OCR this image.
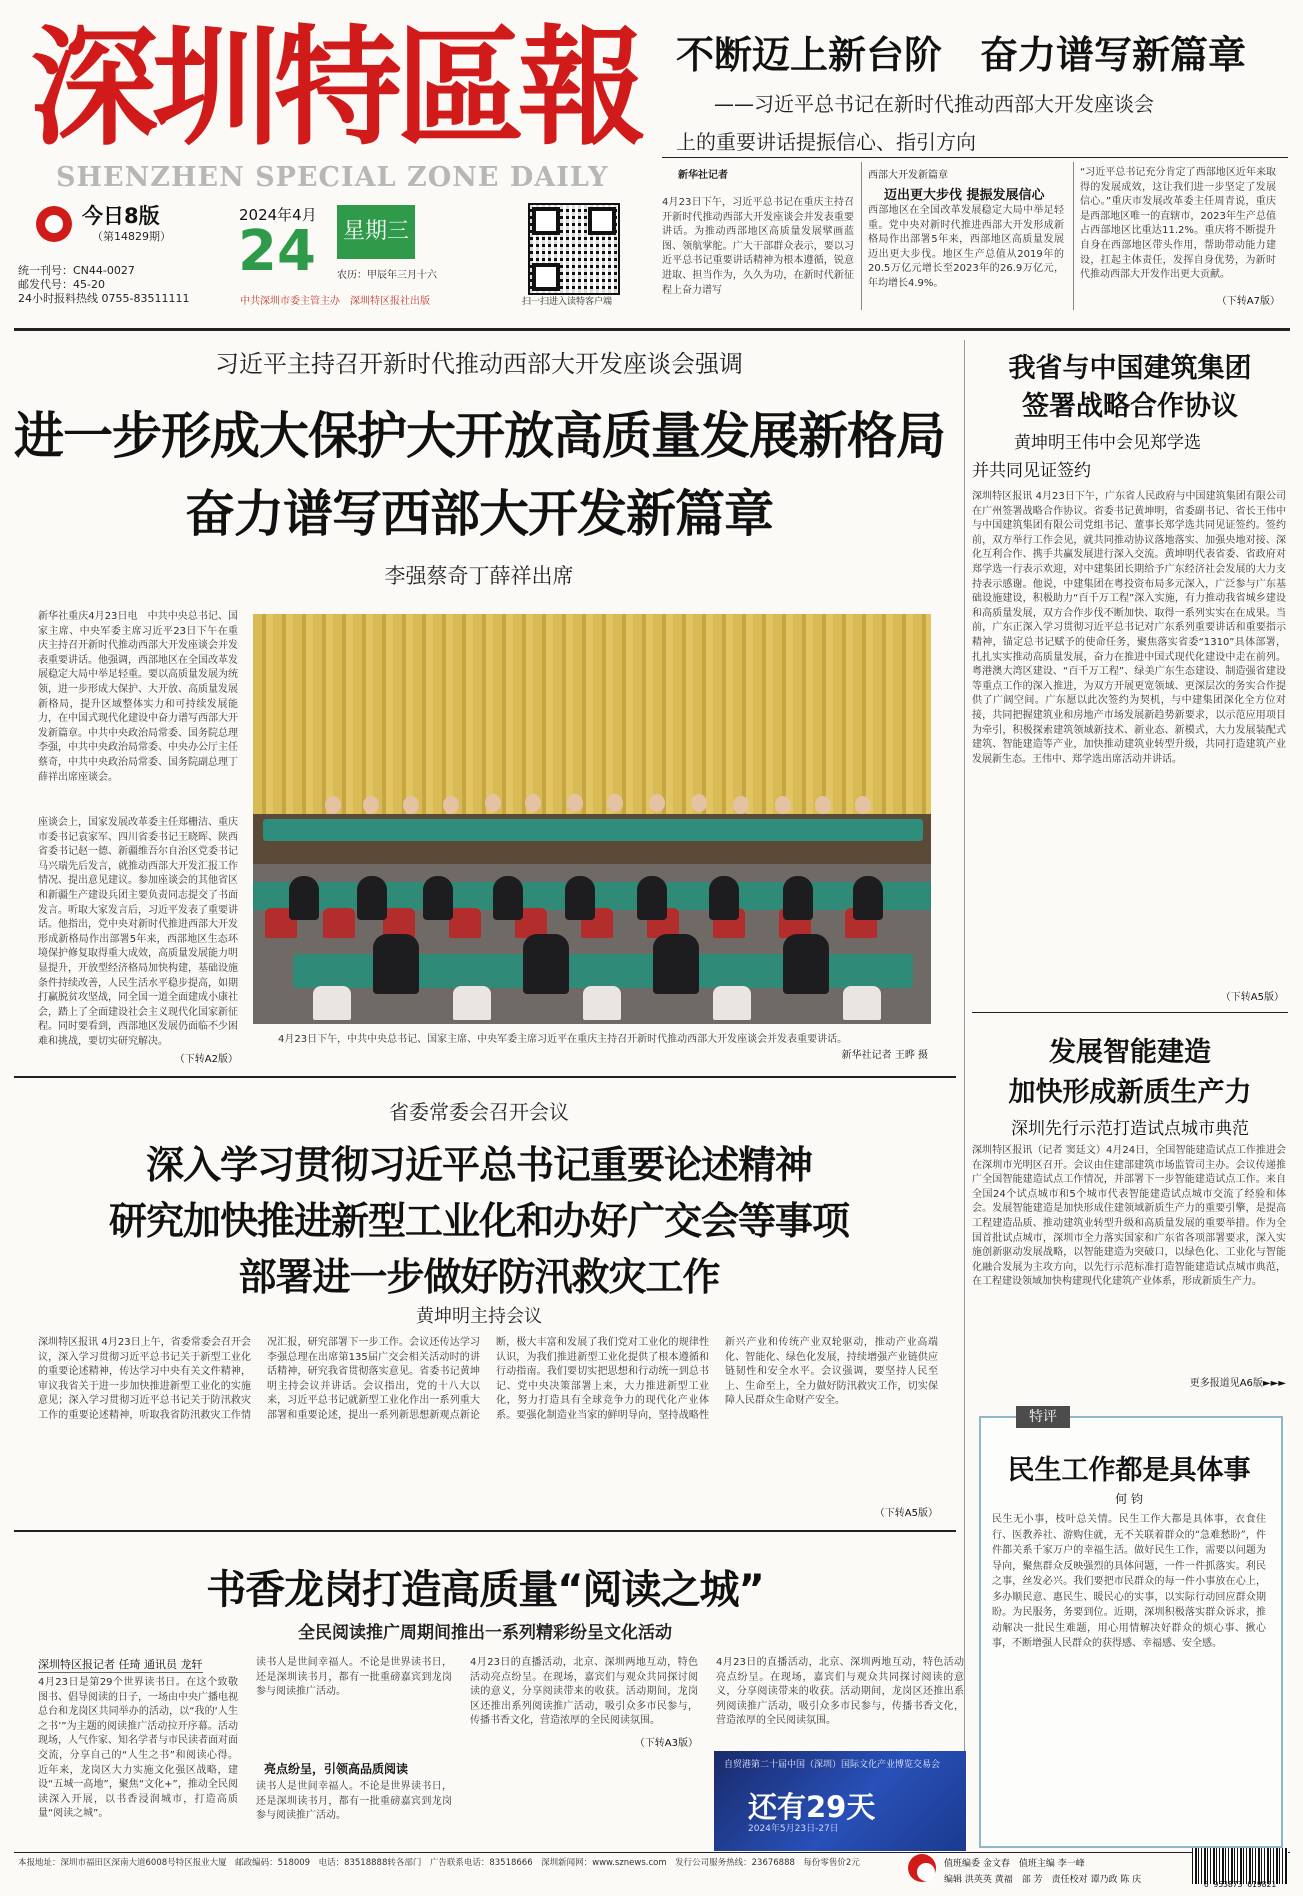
深圳特區報
SHENZHEN SPECIAL ZONE DAILY
今日8版
（第14829期）
统一刊号：CN44-0027
邮发代号：45-20
24小时报料热线 0755-83511111
2024年4月
24 星期三
农历：甲辰年三月十六
中共深圳市委主管主办　深圳特区报社出版	扫一扫进入读特客户端
不断迈上新台阶　奋力谱写新篇章
——习近平总书记在新时代推动西部大开发座谈会
上的重要讲话提振信心、指引方向
新华社记者
4月23日下午，习近平总书记在重庆主持召开新时代推动西部大开发座谈会并发表重要讲话。为推动西部地区高质量发展擘画蓝图、领航掌舵。广大干部群众表示，要以习近平总书记重要讲话精神为根本遵循，锐意进取、担当作为，久久为功，在新时代新征程上奋力谱写
西部大开发新篇章
迈出更大步伐 提振发展信心
西部地区在全国改革发展稳定大局中举足轻重。党中央对新时代推进西部大开发形成新格局作出部署5年来，西部地区高质量发展迈出更大步伐。地区生产总值从2019年的20.5万亿元增长至2023年的26.9万亿元，年均增长4.9%。
“习近平总书记充分肯定了西部地区近年来取得的发展成效，这让我们进一步坚定了发展信心。”重庆市发展改革委主任周青说，重庆是西部地区唯一的直辖市，2023年生产总值占西部地区比重达11.2%。重庆将不断提升自身在西部地区带头作用，帮助带动能力建设，扛起主体责任，发挥自身优势，为新时代推动西部大开发作出更大贡献。
（下转A7版）
习近平主持召开新时代推动西部大开发座谈会强调
进一步形成大保护大开放高质量发展新格局
奋力谱写西部大开发新篇章
李强蔡奇丁薛祥出席
新华社重庆4月23日电　中共中央总书记、国家主席、中央军委主席习近平23日下午在重庆主持召开新时代推动西部大开发座谈会并发表重要讲话。他强调，西部地区在全国改革发展稳定大局中举足轻重。要以高质量发展为统领，进一步形成大保护、大开放、高质量发展新格局，提升区域整体实力和可持续发展能力，在中国式现代化建设中奋力谱写西部大开发新篇章。中共中央政治局常委、国务院总理李强，中共中央政治局常委、中央办公厅主任蔡奇，中共中央政治局常委、国务院副总理丁薛祥出席座谈会。
座谈会上，国家发展改革委主任郑栅洁、重庆市委书记袁家军、四川省委书记王晓晖、陕西省委书记赵一德、新疆维吾尔自治区党委书记马兴瑞先后发言，就推动西部大开发汇报工作情况、提出意见建议。参加座谈会的其他省区和新疆生产建设兵团主要负责同志提交了书面发言。听取大家发言后，习近平发表了重要讲话。他指出，党中央对新时代推进西部大开发形成新格局作出部署5年来，西部地区生态环境保护修复取得重大成效，高质量发展能力明显提升，开放型经济格局加快构建，基础设施条件持续改善，人民生活水平稳步提高，如期打赢脱贫攻坚战，同全国一道全面建成小康社会，踏上了全面建设社会主义现代化国家新征程。同时要看到，西部地区发展仍面临不少困难和挑战，要切实研究解决。
（下转A2版）
4月23日下午，中共中央总书记、国家主席、中央军委主席习近平在重庆主持召开新时代推动西部大开发座谈会并发表重要讲话。
新华社记者 王晔 摄
我省与中国建筑集团
签署战略合作协议
黄坤明王伟中会见郑学选
并共同见证签约
深圳特区报讯 4月23日下午，广东省人民政府与中国建筑集团有限公司在广州签署战略合作协议。省委书记黄坤明，省委副书记、省长王伟中与中国建筑集团有限公司党组书记、董事长郑学选共同见证签约。签约前，双方举行工作会见，就共同推动协议落地落实、加强央地对接、深化互利合作、携手共赢发展进行深入交流。黄坤明代表省委、省政府对郑学选一行表示欢迎，对中建集团长期给予广东经济社会发展的大力支持表示感谢。他说，中建集团在粤投资布局多元深入，广泛参与广东基础设施建设，积极助力“百千万工程”深入实施，有力推动我省城乡建设和高质量发展，双方合作步伐不断加快、取得一系列实实在在成果。当前，广东正深入学习贯彻习近平总书记对广东系列重要讲话和重要指示精神，锚定总书记赋予的使命任务，聚焦落实省委“1310”具体部署，扎扎实实推动高质量发展，奋力在推进中国式现代化建设中走在前列。粤港澳大湾区建设、“百千万工程”、绿美广东生态建设、制造强省建设等重点工作的深入推进，为双方开展更宽领域、更深层次的务实合作提供了广阔空间。广东愿以此次签约为契机，与中建集团深化全方位对接，共同把握建筑业和房地产市场发展新趋势新要求，以示范应用项目为牵引，积极探索建筑领域新技术、新业态、新模式，大力发展装配式建筑、智能建造等产业，加快推动建筑业转型升级，共同打造建筑产业发展新生态。王伟中、郑学选出席活动并讲话。
（下转A5版）
发展智能建造
加快形成新质生产力
深圳先行示范打造试点城市典范
深圳特区报讯（记者 窦廷文）4月24日，全国智能建造试点工作推进会在深圳市光明区召开。会议由住建部建筑市场监管司主办。会议传递推广全国智能建造试点工作情况，并部署下一步智能建造试点工作。来自全国24个试点城市和5个城市代表智能建造试点城市交流了经验和体会。发展智能建造是加快形成住建领域新质生产力的重要引擎，是提高工程建造品质、推动建筑业转型升级和高质量发展的重要举措。作为全国首批试点城市，深圳市全力落实国家和广东省各项部署要求，深入实施创新驱动发展战略，以智能建造为突破口，以绿色化、工业化与智能化融合发展为主攻方向，以先行示范标准打造智能建造试点城市典范，在工程建设领域加快构建现代化建筑产业体系，形成新质生产力。
更多报道见A6版►►►
省委常委会召开会议
深入学习贯彻习近平总书记重要论述精神
研究加快推进新型工业化和办好广交会等事项
部署进一步做好防汛救灾工作
黄坤明主持会议
深圳特区报讯 4月23日上午，省委常委会召开会议，深入学习贯彻习近平总书记关于新型工业化的重要论述精神，传达学习中央有关文件精神，审议我省关于进一步加快推进新型工业化的实施意见；深入学习贯彻习近平总书记关于防汛救灾工作的重要论述精神，听取我省防汛救灾工作情况汇报，研究部署下一步工作。会议还传达学习李强总理在出席第135届广交会相关活动时的讲话精神，研究我省贯彻落实意见。省委书记黄坤明主持会议并讲话。会议指出，党的十八大以来，习近平总书记就新型工业化作出一系列重大部署和重要论述，提出一系列新思想新观点新论断，极大丰富和发展了我们党对工业化的规律性认识，为我们推进新型工业化提供了根本遵循和行动指南。我们要切实把思想和行动统一到总书记、党中央决策部署上来，大力推进新型工业化，努力打造具有全球竞争力的现代化产业体系。要强化制造业当家的鲜明导向，坚持战略性新兴产业和传统产业双轮驱动，推动产业高端化、智能化、绿色化发展，持续增强产业链供应链韧性和安全水平。会议强调，要坚持人民至上、生命至上，全力做好防汛救灾工作，切实保障人民群众生命财产安全。
（下转A5版）
特评
民生工作都是具体事
何 钧
民生无小事，枝叶总关情。民生工作大都是具体事，衣食住行、医教养社、游购住就，无不关联着群众的“急难愁盼”，件件都关系千家万户的幸福生活。做好民生工作，需要以问题为导向，聚焦群众反映强烈的具体问题，一件一件抓落实。利民之事，丝发必兴。我们要把市民群众的每一件小事放在心上，多办顺民意、惠民生、暖民心的实事，以实际行动回应群众期盼。为民服务，务要到位。近期，深圳积极落实群众诉求，推动解决一批民生难题，用心用情解决好群众的烦心事、揪心事，不断增强人民群众的获得感、幸福感、安全感。
书香龙岗打造高质量“阅读之城”
全民阅读推广周期间推出一系列精彩纷呈文化活动
深圳特区报记者 任琦 通讯员 龙轩
4月23日是第29个世界读书日。在这个致敬图书、倡导阅读的日子，一场由中央广播电视总台和龙岗区共同举办的活动，以“我的‘人生之书’”为主题的阅读推广活动拉开序幕。活动现场，人气作家、知名学者与市民读者面对面交流，分享自己的“人生之书”和阅读心得。近年来，龙岗区大力实施文化强区战略，建设“五城一高地”，聚焦“文化+”，推动全民阅读深入开展，以书香浸润城市，打造高质量“阅读之城”。
读书人是世间幸福人。不论是世界读书日，还是深圳读书月，都有一批重磅嘉宾到龙岗参与阅读推广活动。
亮点纷呈，引领高品质阅读
读书人是世间幸福人。不论是世界读书日，还是深圳读书月，都有一批重磅嘉宾到龙岗参与阅读推广活动。
4月23日的直播活动，北京、深圳两地互动，特色活动亮点纷呈。在现场，嘉宾们与观众共同探讨阅读的意义，分享阅读带来的收获。活动期间，龙岗区还推出系列阅读推广活动，吸引众多市民参与，传播书香文化，营造浓厚的全民阅读氛围。
（下转A3版）
4月23日的直播活动，北京、深圳两地互动，特色活动亮点纷呈。在现场，嘉宾们与观众共同探讨阅读的意义，分享阅读带来的收获。活动期间，龙岗区还推出系列阅读推广活动，吸引众多市民参与，传播书香文化，营造浓厚的全民阅读氛围。
自贸港第二十届中国（深圳）国际文化产业博览交易会
还有29天
2024年5月23日-27日
本报地址：深圳市福田区深南大道6008号特区报业大厦　邮政编码：518009　电话：83518888转各部门　广告联系电话：83518666　深圳新闻网：www.sznews.com　发行公司服务热线：23676888　每份零售价2元	值班编委 金文春　值班主编 李一峰
编辑 洪英英 黄福　部 芳　责任校对 谭乃政 陈 庆	6 953873 619821
